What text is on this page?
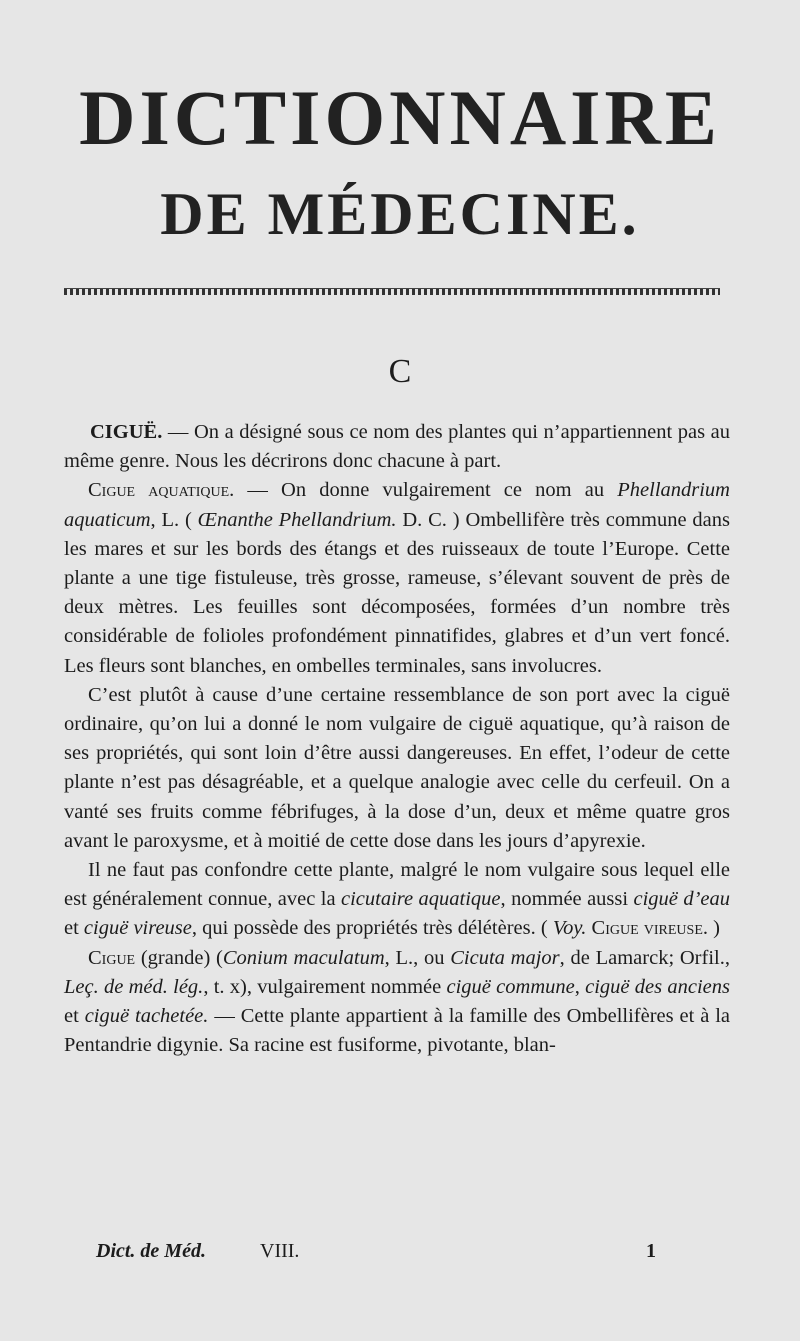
DICTIONNAIRE
DE MÉDECINE.
C

CIGUË. — On a désigné sous ce nom des plantes qui n’appartiennent pas au même genre. Nous les décrirons donc chacune à part.

Cigue aquatique. — On donne vulgairement ce nom au Phellandrium aquaticum, L. ( Œnanthe Phellandrium. D. C. ) Ombellifère très commune dans les mares et sur les bords des étangs et des ruisseaux de toute l’Europe. Cette plante a une tige fistuleuse, très grosse, rameuse, s’élevant souvent de près de deux mètres. Les feuilles sont décomposées, formées d’un nombre très considérable de folioles profondément pinnatifides, glabres et d’un vert foncé. Les fleurs sont blanches, en ombelles terminales, sans involucres.

C’est plutôt à cause d’une certaine ressemblance de son port avec la ciguë ordinaire, qu’on lui a donné le nom vulgaire de ciguë aquatique, qu’à raison de ses propriétés, qui sont loin d’être aussi dangereuses. En effet, l’odeur de cette plante n’est pas désagréable, et a quelque analogie avec celle du cerfeuil. On a vanté ses fruits comme fébrifuges, à la dose d’un, deux et même quatre gros avant le paroxysme, et à moitié de cette dose dans les jours d’apyrexie.

Il ne faut pas confondre cette plante, malgré le nom vulgaire sous lequel elle est généralement connue, avec la cicutaire aquatique, nommée aussi ciguë d’eau et ciguë vireuse, qui possède des propriétés très délétères. ( Voy. Cigue vireuse. )

Cigue (grande) (Conium maculatum, L., ou Cicuta major, de Lamarck; Orfil., Leç. de méd. lég., t. x), vulgairement nommée ciguë commune, ciguë des anciens et ciguë tachetée. — Cette plante appartient à la famille des Ombellifères et à la Pentandrie digynie. Sa racine est fusiforme, pivotante, blan-

Dict. de Méd.	VIII.	1
